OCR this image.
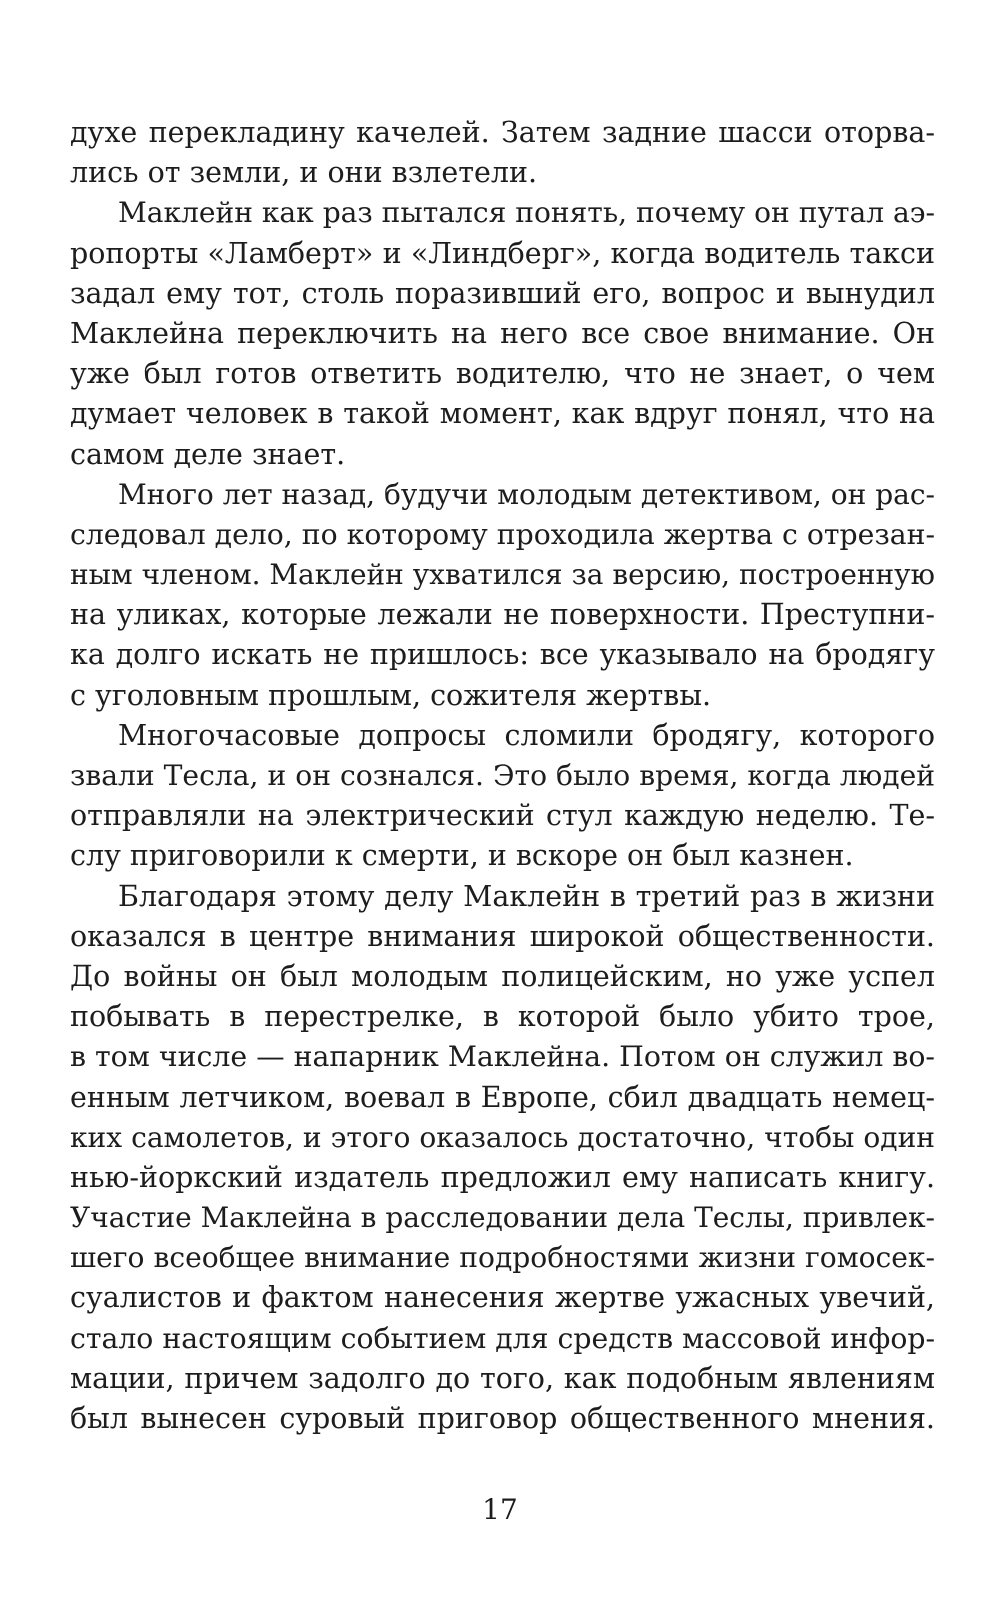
духе перекладину качелей. Затем задние шасси оторва-
лись от земли, и они взлетели.
Маклейн как раз пытался понять, почему он путал аэ-
ропорты «Ламберт» и «Линдберг», когда водитель такси
задал ему тот, столь поразивший его, вопрос и вынудил
Маклейна переключить на него все свое внимание. Он
уже был готов ответить водителю, что не знает, о чем
думает человек в такой момент, как вдруг понял, что на
самом деле знает.
Много лет назад, будучи молодым детективом, он рас-
следовал дело, по которому проходила жертва с отрезан-
ным членом. Маклейн ухватился за версию, построенную
на уликах, которые лежали не поверхности. Преступни-
ка долго искать не пришлось: все указывало на бродягу
с уголовным прошлым, сожителя жертвы.
Многочасовые допросы сломили бродягу, которого
звали Тесла, и он сознался. Это было время, когда людей
отправляли на электрический стул каждую неделю. Те-
слу приговорили к смерти, и вскоре он был казнен.
Благодаря этому делу Маклейн в третий раз в жизни
оказался в центре внимания широкой общественности.
До войны он был молодым полицейским, но уже успел
побывать в перестрелке, в которой было убито трое,
в том числе — напарник Маклейна. Потом он служил во-
енным летчиком, воевал в Европе, сбил двадцать немец-
ких самолетов, и этого оказалось достаточно, чтобы один
нью-йоркский издатель предложил ему написать книгу.
Участие Маклейна в расследовании дела Теслы, привлек-
шего всеобщее внимание подробностями жизни гомосек-
суалистов и фактом нанесения жертве ужасных увечий,
стало настоящим событием для средств массовой инфор-
мации, причем задолго до того, как подобным явлениям
был вынесен суровый приговор общественного мнения.
17
